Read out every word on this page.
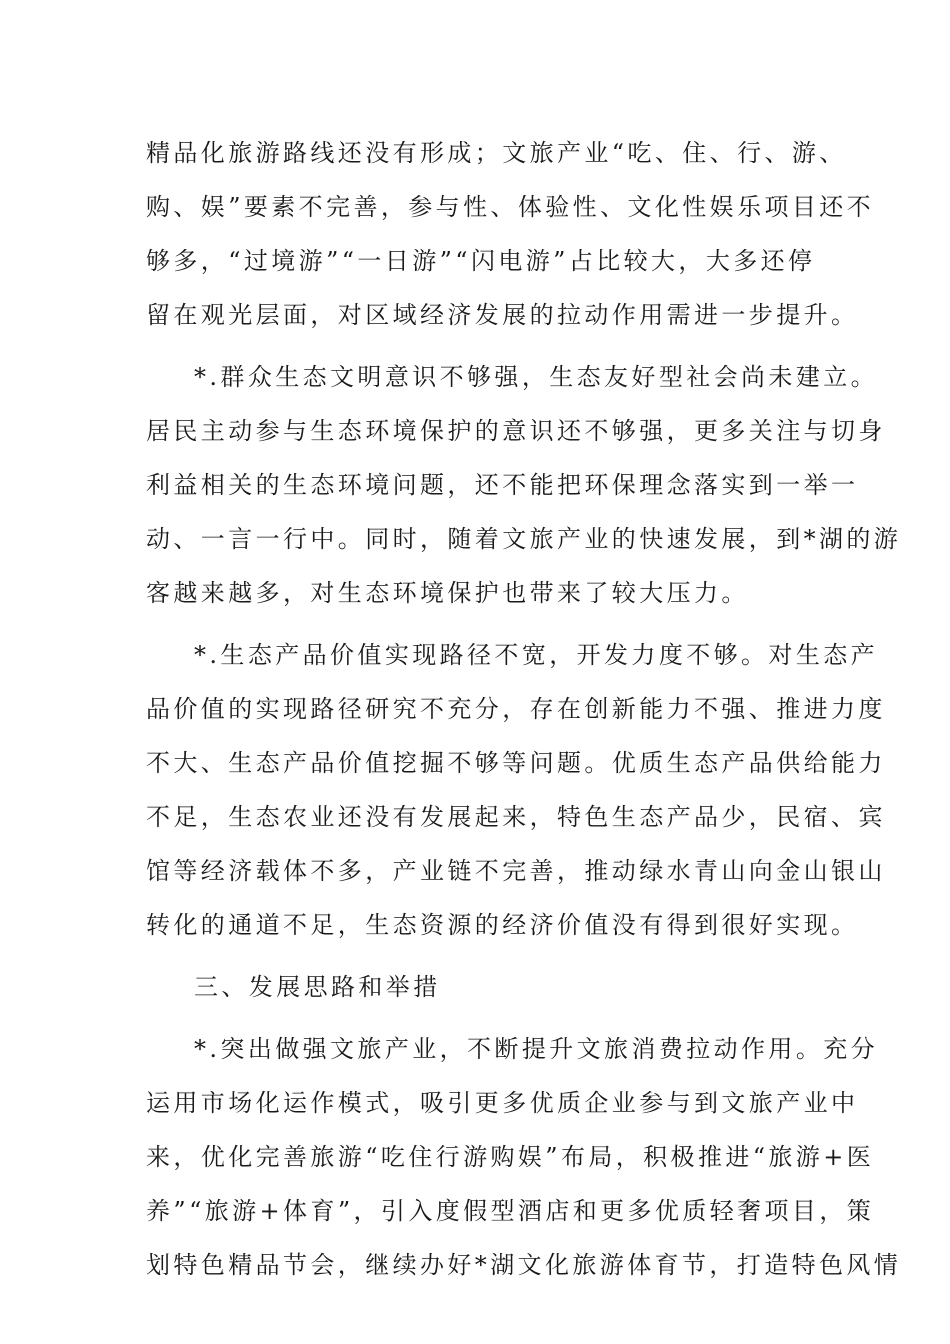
精品化旅游路线还没有形成；文旅产业“吃、住、行、游、
购、娱”要素不完善，参与性、体验性、文化性娱乐项目还不
够多，“过境游”“一日游”“闪电游”占比较大，大多还停
留在观光层面，对区域经济发展的拉动作用需进一步提升。
*.群众生态文明意识不够强，生态友好型社会尚未建立。
居民主动参与生态环境保护的意识还不够强，更多关注与切身
利益相关的生态环境问题，还不能把环保理念落实到一举一
动、一言一行中。同时，随着文旅产业的快速发展，到*湖的游
客越来越多，对生态环境保护也带来了较大压力。
*.生态产品价值实现路径不宽，开发力度不够。对生态产
品价值的实现路径研究不充分，存在创新能力不强、推进力度
不大、生态产品价值挖掘不够等问题。优质生态产品供给能力
不足，生态农业还没有发展起来，特色生态产品少，民宿、宾
馆等经济载体不多，产业链不完善，推动绿水青山向金山银山
转化的通道不足，生态资源的经济价值没有得到很好实现。
三、发展思路和举措
*.突出做强文旅产业，不断提升文旅消费拉动作用。充分
运用市场化运作模式，吸引更多优质企业参与到文旅产业中
来，优化完善旅游“吃住行游购娱”布局，积极推进“旅游+医
养”“旅游+体育”，引入度假型酒店和更多优质轻奢项目，策
划特色精品节会，继续办好*湖文化旅游体育节，打造特色风情
